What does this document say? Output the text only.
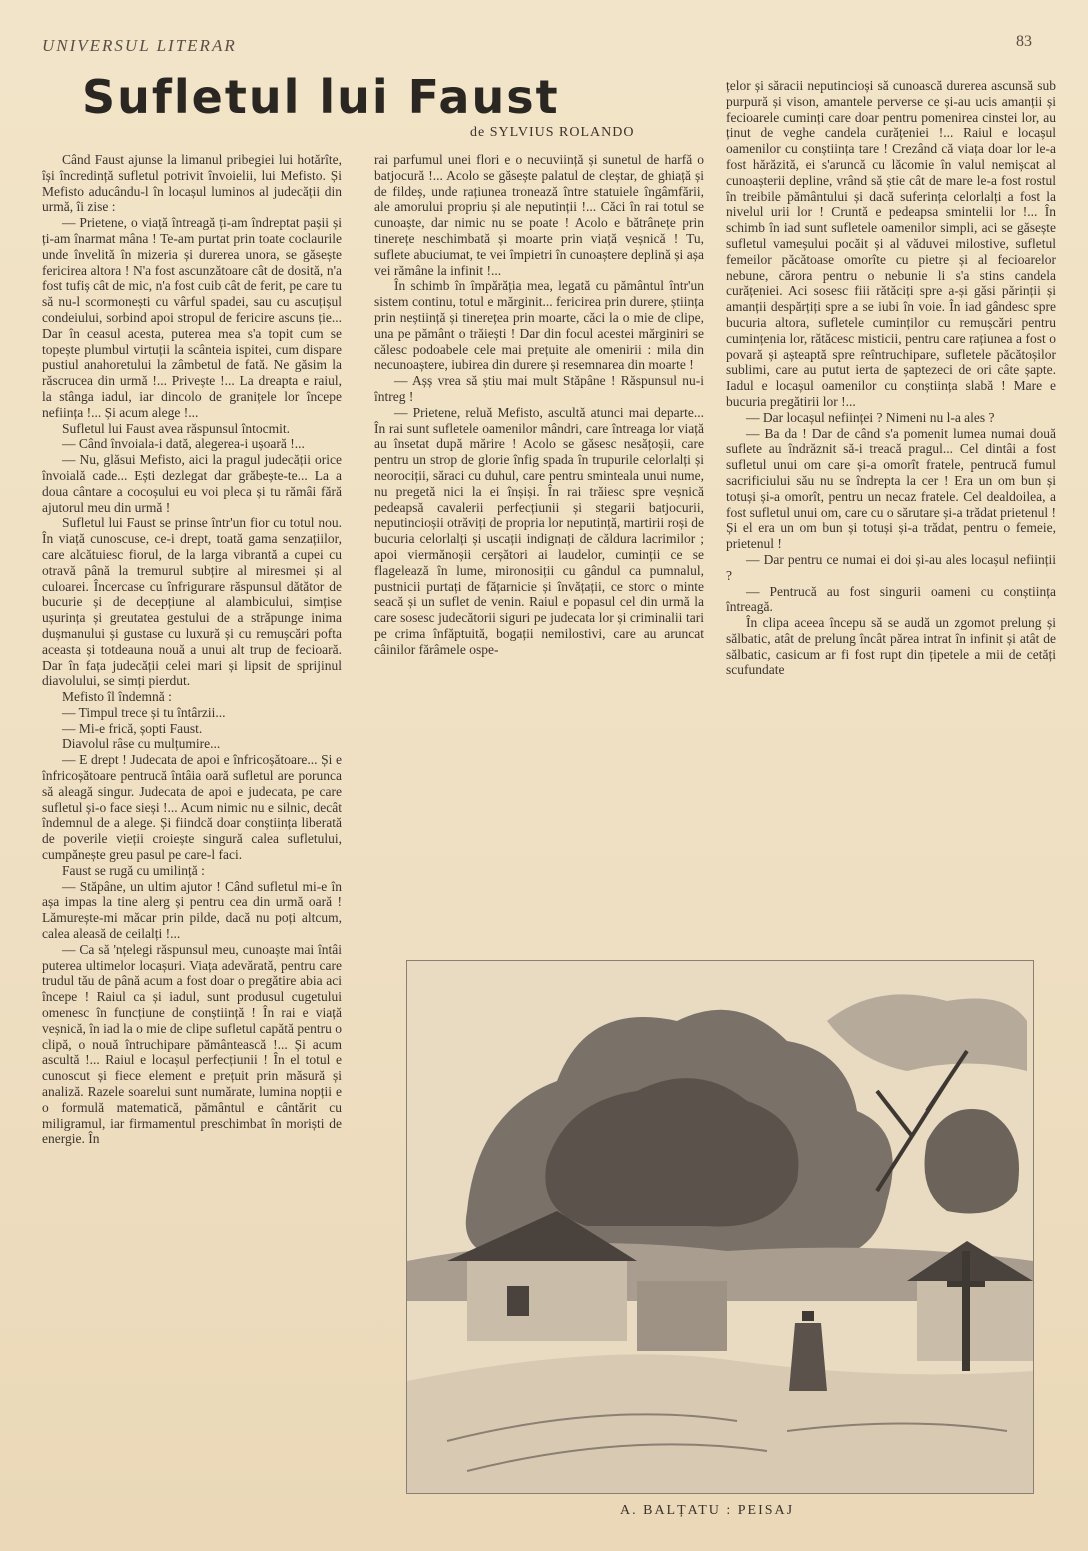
UNIVERSUL LITERAR	83
Sufletul lui Faust
de SYLVIUS ROLANDO

Când Faust ajunse la limanul pribegiei lui hotărîte, își încredință sufletul potrivit învoielii, lui Mefisto. Și Mefisto aducându-l în locașul luminos al judecății din urmă, îi zise :

— Prietene, o viață întreagă ți-am îndreptat pașii și ți-am înarmat mâna ! Te-am purtat prin toate coclaurile unde învelită în mizeria și durerea unora, se găsește fericirea altora ! N'a fost ascunzătoare cât de dosită, n'a fost tufiș cât de mic, n'a fost cuib cât de ferit, pe care tu să nu-l scormonești cu vârful spadei, sau cu ascuțișul condeiului, sorbind apoi stropul de fericire ascuns ție... Dar în ceasul acesta, puterea mea s'a topit cum se topește plumbul virtuții la scânteia ispitei, cum dispare pustiul anahoretului la zâmbetul de fată. Ne găsim la răscrucea din urmă !... Privește !... La dreapta e raiul, la stânga iadul, iar dincolo de granițele lor începe neființa !... Și acum alege !...

Sufletul lui Faust avea răspunsul întocmit.

— Când învoiala-i dată, alegerea-i ușoară !...

— Nu, glăsui Mefisto, aici la pragul judecății orice învoială cade... Ești dezlegat dar grăbește-te... La a doua cântare a cocoșului eu voi pleca și tu rămâi fără ajutorul meu din urmă !

Sufletul lui Faust se prinse într'un fior cu totul nou. În viață cunoscuse, ce-i drept, toată gama senzațiilor, care alcătuiesc fiorul, de la larga vibrantă a cupei cu otravă până la tremurul subțire al miresmei și al culoarei. Încercase cu înfrigurare răspunsul dătător de bucurie și de decepțiune al alambicului, simțise ușurința și greutatea gestului de a străpunge inima dușmanului și gustase cu luxură și cu remușcări pofta aceasta și totdeauna nouă a unui alt trup de fecioară. Dar în fața judecății celei mari și lipsit de sprijinul diavolului, se simți pierdut.

Mefisto îl îndemnă :

— Timpul trece și tu întârzii...

— Mi-e frică, șopti Faust.

Diavolul râse cu mulțumire...

— E drept ! Judecata de apoi e înfricoșătoare... Și e înfricoșătoare pentrucă întâia oară sufletul are porunca să aleagă singur. Judecata de apoi e judecata, pe care sufletul și-o face sieși !... Acum nimic nu e silnic, decât îndemnul de a alege. Și fiindcă doar conștiința liberată de poverile vieții croiește singură calea sufletului, cumpănește greu pasul pe care-l faci.

Faust se rugă cu umilință :

— Stăpâne, un ultim ajutor ! Când sufletul mi-e în așa impas la tine alerg și pentru cea din urmă oară ! Lămurește-mi măcar prin pilde, dacă nu poți altcum, calea aleasă de ceilalți !...

— Ca să 'nțelegi răspunsul meu, cunoaște mai întâi puterea ultimelor locașuri. Viața adevărată, pentru care trudul tău de până acum a fost doar o pregătire abia aci începe ! Raiul ca și iadul, sunt produsul cugetului omenesc în funcțiune de conștiință ! În rai e viață veșnică, în iad la o mie de clipe sufletul capătă pentru o clipă, o nouă întruchipare pământească !... Și acum ascultă !... Raiul e locașul perfecțiunii ! În el totul e cunoscut și fiece element e prețuit prin măsură și analiză. Razele soarelui sunt numărate, lumina nopții e o formulă matematică, pământul e cântărit cu miligramul, iar firmamentul preschimbat în moriști de energie. În

rai parfumul unei flori e o necuviință și sunetul de harfă o batjocură !... Acolo se găsește palatul de cleștar, de ghiață și de fildeș, unde rațiunea tronează între statuiele îngâmfării, ale amorului propriu și ale neputinții !... Căci în rai totul se cunoaște, dar nimic nu se poate ! Acolo e bătrânețe prin tinerețe neschimbată și moarte prin viață veșnică ! Tu, suflete abuciumat, te vei împietri în cunoaștere deplină și așa vei rămâne la infinit !...

În schimb în împărăția mea, legată cu pământul într'un sistem continu, totul e mărginit... fericirea prin durere, știința prin neștiință și tinerețea prin moarte, căci la o mie de clipe, una pe pământ o trăiești ! Dar din focul acestei mărginiri se călesc podoabele cele mai prețuite ale omenirii : mila din necunoaștere, iubirea din durere și resemnarea din moarte !

— Așș vrea să știu mai mult Stăpâne ! Răspunsul nu-i întreg !

— Prietene, reluă Mefisto, ascultă atunci mai departe... În rai sunt sufletele oamenilor mândri, care întreaga lor viață au însetat după mărire ! Acolo se găsesc nesățoșii, care pentru un strop de glorie înfig spada în trupurile celorlalți și neorociții, săraci cu duhul, care pentru sminteala unui nume, nu pregetă nici la ei înșiși. În rai trăiesc spre veșnică pedeapsă cavalerii perfecțiunii și stegarii batjocurii, neputincioșii otrăviți de propria lor neputință, martirii roși de bucuria celorlalți și uscații indignați de căldura lacrimilor ; apoi viermănoșii cerșători ai laudelor, cuminții ce se flagelează în lume, mironosiții cu gândul ca pumnalul, pustnicii purtați de fățarnicie și învățații, ce storc o minte seacă și un suflet de venin. Raiul e popasul cel din urmă la care sosesc judecătorii siguri pe judecata lor și criminalii tari pe crima înfăptuită, bogații nemilostivi, care au aruncat câinilor fărâmele ospe-

țelor și săracii neputincioși să cunoască durerea ascunsă sub purpură și vison, amantele perverse ce și-au ucis amanții și fecioarele cuminți care doar pentru pomenirea cinstei lor, au ținut de veghe candela curățeniei !... Raiul e locașul oamenilor cu conștiința tare ! Crezând că viața doar lor le-a fost hărăzită, ei s'aruncă cu lăcomie în valul nemișcat al cunoașterii depline, vrând să știe cât de mare le-a fost rostul în treibile pământului și dacă suferința celorlalți a fost la nivelul urii lor ! Cruntă e pedeapsa smintelii lor !... În schimb în iad sunt sufletele oamenilor simpli, aci se găsește sufletul vameșului pocăit și al văduvei milostive, sufletul femeilor păcătoase omorîte cu pietre și al fecioarelor nebune, cărora pentru o nebunie li s'a stins candela curățeniei. Aci sosesc fiii rătăciți spre a-și găsi părinții și amanții despărțiți spre a se iubi în voie. În iad gândesc spre bucuria altora, sufletele cuminților cu remușcări pentru cumințenia lor, rătăcesc misticii, pentru care rațiunea a fost o povară și așteaptă spre reîntruchipare, sufletele păcătoșilor sublimi, care au putut ierta de șaptezeci de ori câte șapte. Iadul e locașul oamenilor cu conștiința slabă ! Mare e bucuria pregătirii lor !...

— Dar locașul neființei ? Nimeni nu l-a ales ?

— Ba da ! Dar de când s'a pomenit lumea numai două suflete au îndrăznit să-i treacă pragul... Cel dintâi a fost sufletul unui om care și-a omorît fratele, pentrucă fumul sacrificiului său nu se îndrepta la cer ! Era un om bun și totuși și-a omorît, pentru un necaz fratele. Cel dealdoilea, a fost sufletul unui om, care cu o sărutare și-a trădat prietenul ! Și el era un om bun și totuși și-a trădat, pentru o femeie, prietenul !

— Dar pentru ce numai ei doi și-au ales locașul neființii ?

— Pentrucă au fost singurii oameni cu conștiința întreagă.

În clipa aceea începu să se audă un zgomot prelung și sălbatic, atât de prelung încât părea intrat în infinit și atât de sălbatic, casicum ar fi fost rupt din țipetele a mii de cetăți scufundate

A. BALȚATU : PEISAJ
